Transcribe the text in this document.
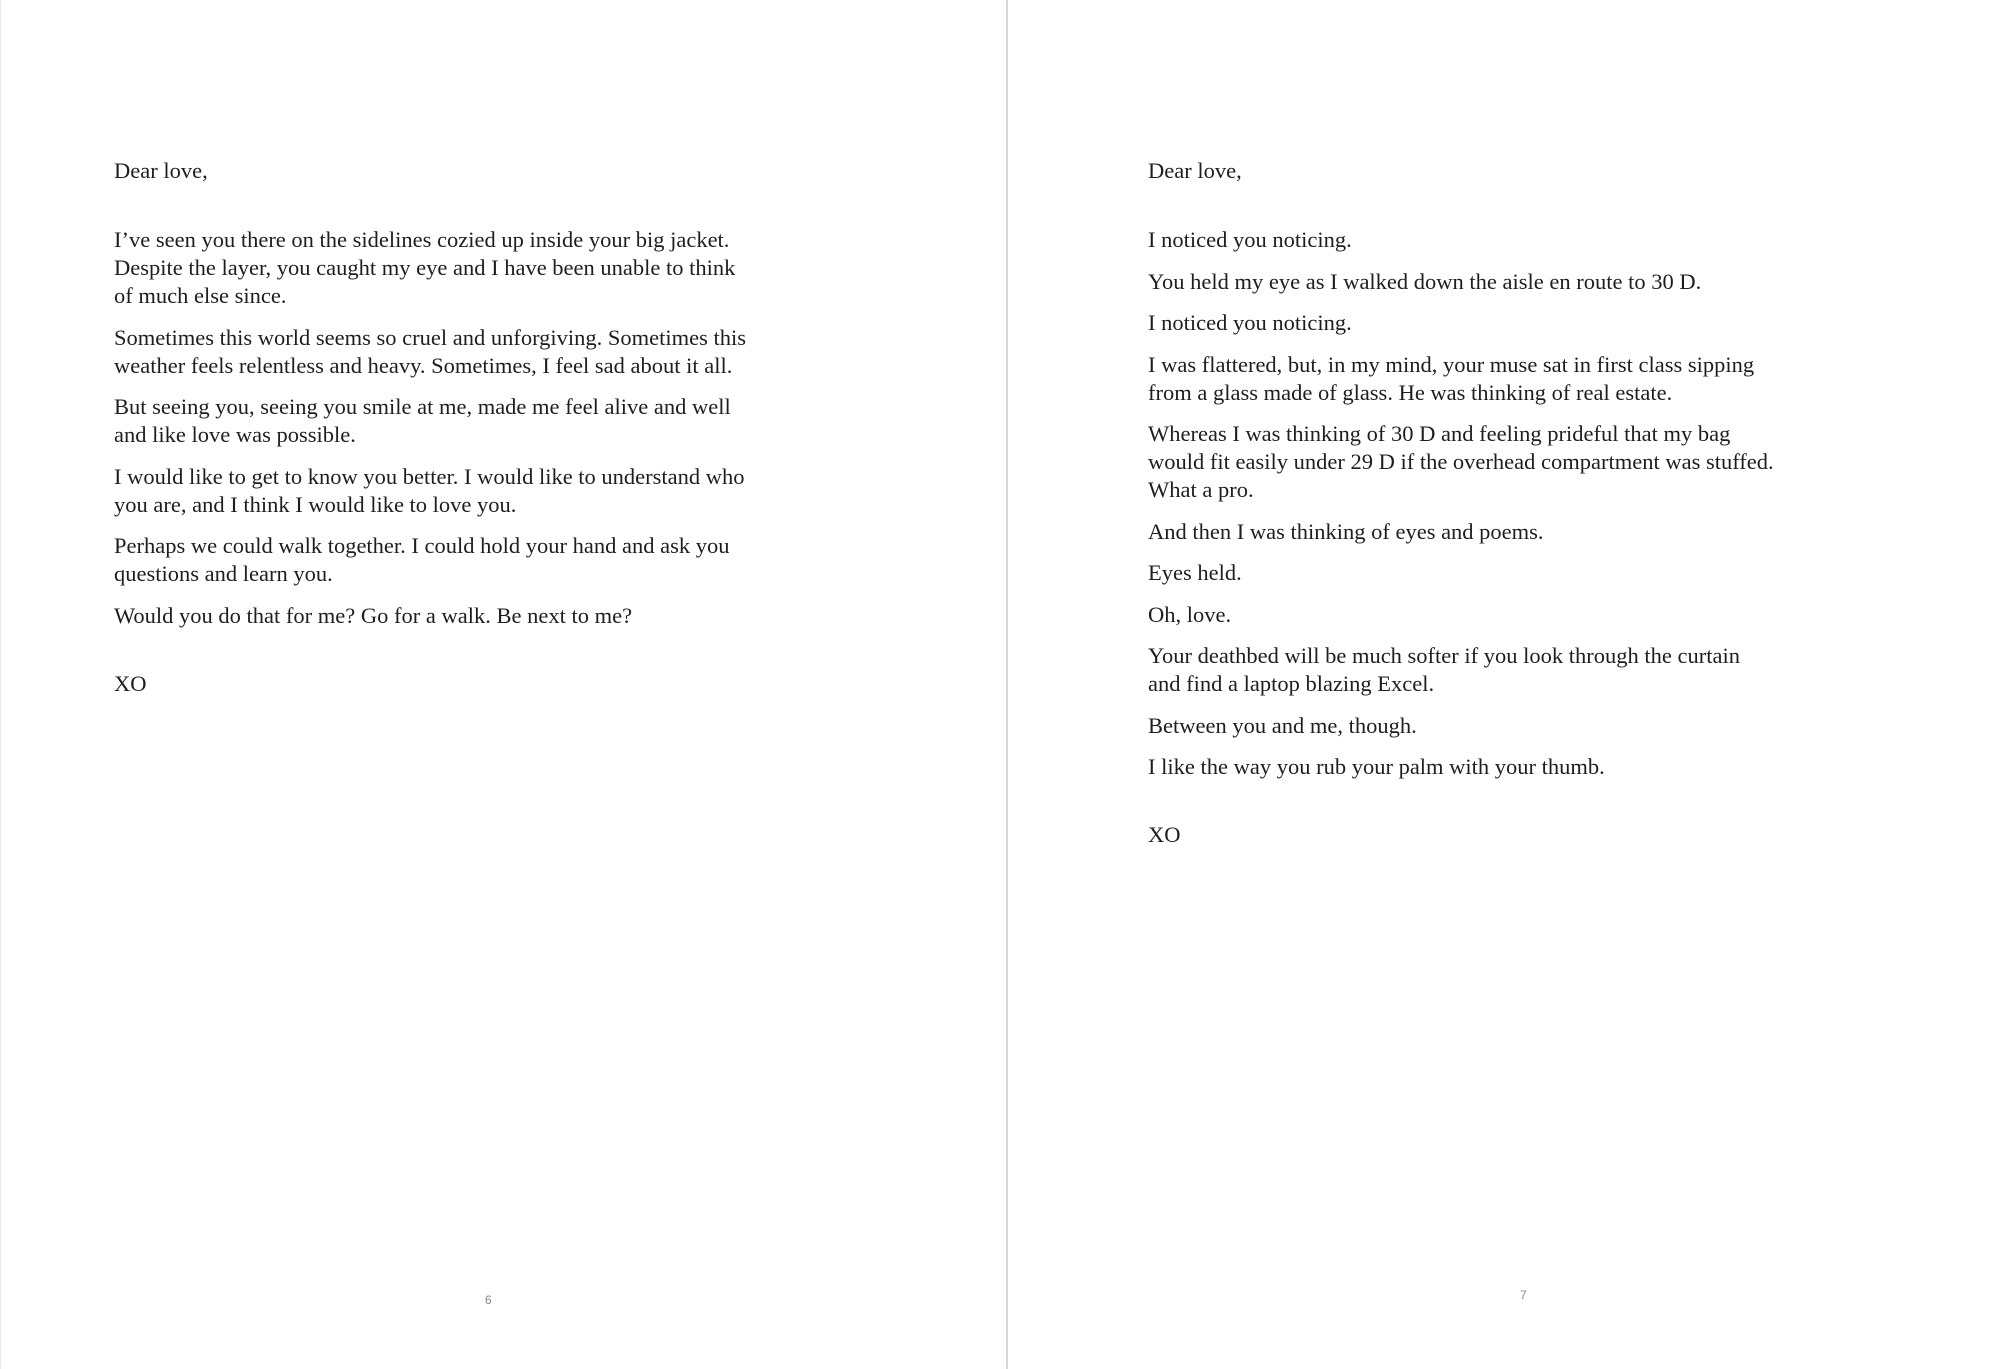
Dear love,
I’ve seen you there on the sidelines cozied up inside your big jacket.
Despite the layer, you caught my eye and I have been unable to think
of much else since.
Sometimes this world seems so cruel and unforgiving. Sometimes this
weather feels relentless and heavy. Sometimes, I feel sad about it all.
But seeing you, seeing you smile at me, made me feel alive and well
and like love was possible.
I would like to get to know you better. I would like to understand who
you are, and I think I would like to love you.
Perhaps we could walk together. I could hold your hand and ask you
questions and learn you.
Would you do that for me? Go for a walk. Be next to me?
XO
6
Dear love,
I noticed you noticing.
You held my eye as I walked down the aisle en route to 30 D.
I noticed you noticing.
I was flattered, but, in my mind, your muse sat in first class sipping
from a glass made of glass. He was thinking of real estate.
Whereas I was thinking of 30 D and feeling prideful that my bag
would fit easily under 29 D if the overhead compartment was stuffed.
What a pro.
And then I was thinking of eyes and poems.
Eyes held.
Oh, love.
Your deathbed will be much softer if you look through the curtain
and find a laptop blazing Excel.
Between you and me, though.
I like the way you rub your palm with your thumb.
XO
7
